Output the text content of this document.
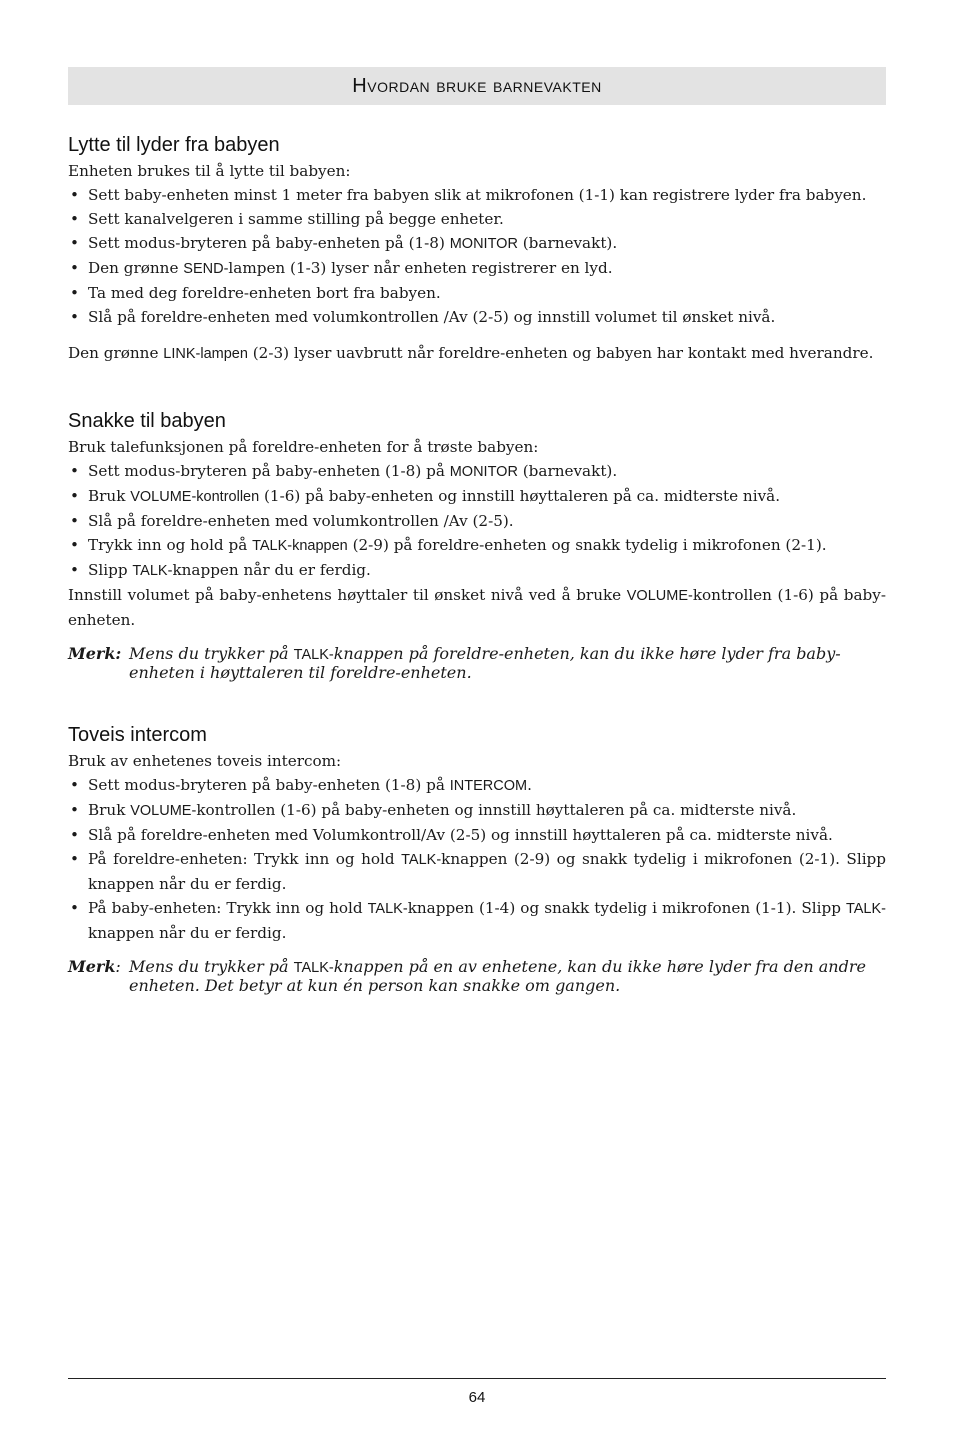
Hvordan bruke barnevakten
Lytte til lyder fra babyen

Enheten brukes til å lytte til babyen:

• Sett baby-enheten minst 1 meter fra babyen slik at mikrofonen (1-1) kan registrere lyder fra babyen.
• Sett kanalvelgeren i samme stilling på begge enheter.
• Sett modus-bryteren på baby-enheten på (1-8) MONITOR (barnevakt).
• Den grønne SEND-lampen (1-3) lyser når enheten registrerer en lyd.
• Ta med deg foreldre-enheten bort fra babyen.
• Slå på foreldre-enheten med volumkontrollen /Av (2-5) og innstill volumet til ønsket nivå.

Den grønne LINK-lampen (2-3) lyser uavbrutt når foreldre-enheten og babyen har kontakt med hverandre.

Snakke til babyen

Bruk talefunksjonen på foreldre-enheten for å trøste babyen:

• Sett modus-bryteren på baby-enheten (1-8) på MONITOR (barnevakt).
• Bruk VOLUME-kontrollen (1-6) på baby-enheten og innstill høyttaleren på ca. midterste nivå.
• Slå på foreldre-enheten med volumkontrollen /Av (2-5).
• Trykk inn og hold på TALK-knappen (2-9) på foreldre-enheten og snakk tydelig i mikrofonen (2-1).
• Slipp TALK-knappen når du er ferdig.

Innstill volumet på baby-enhetens høyttaler til ønsket nivå ved å bruke VOLUME-kontrollen (1-6) på baby-enheten.

Merk: Mens du trykker på TALK-knappen på foreldre-enheten, kan du ikke høre lyder fra baby-enheten i høyttaleren til foreldre-enheten.
Toveis intercom

Bruk av enhetenes toveis intercom:

• Sett modus-bryteren på baby-enheten (1-8) på INTERCOM.
• Bruk VOLUME-kontrollen (1-6) på baby-enheten og innstill høyttaleren på ca. midterste nivå.
• Slå på foreldre-enheten med Volumkontroll/Av (2-5) og innstill høyttaleren på ca. midterste nivå.
• På foreldre-enheten: Trykk inn og hold TALK-knappen (2-9) og snakk tydelig i mikrofonen (2-1). Slipp knappen når du er ferdig.
• På baby-enheten: Trykk inn og hold TALK-knappen (1-4) og snakk tydelig i mikrofonen (1-1). Slipp TALK-knappen når du er ferdig.
Merk: Mens du trykker på TALK-knappen på en av enhetene, kan du ikke høre lyder fra den andre enheten. Det betyr at kun én person kan snakke om gangen.
64
